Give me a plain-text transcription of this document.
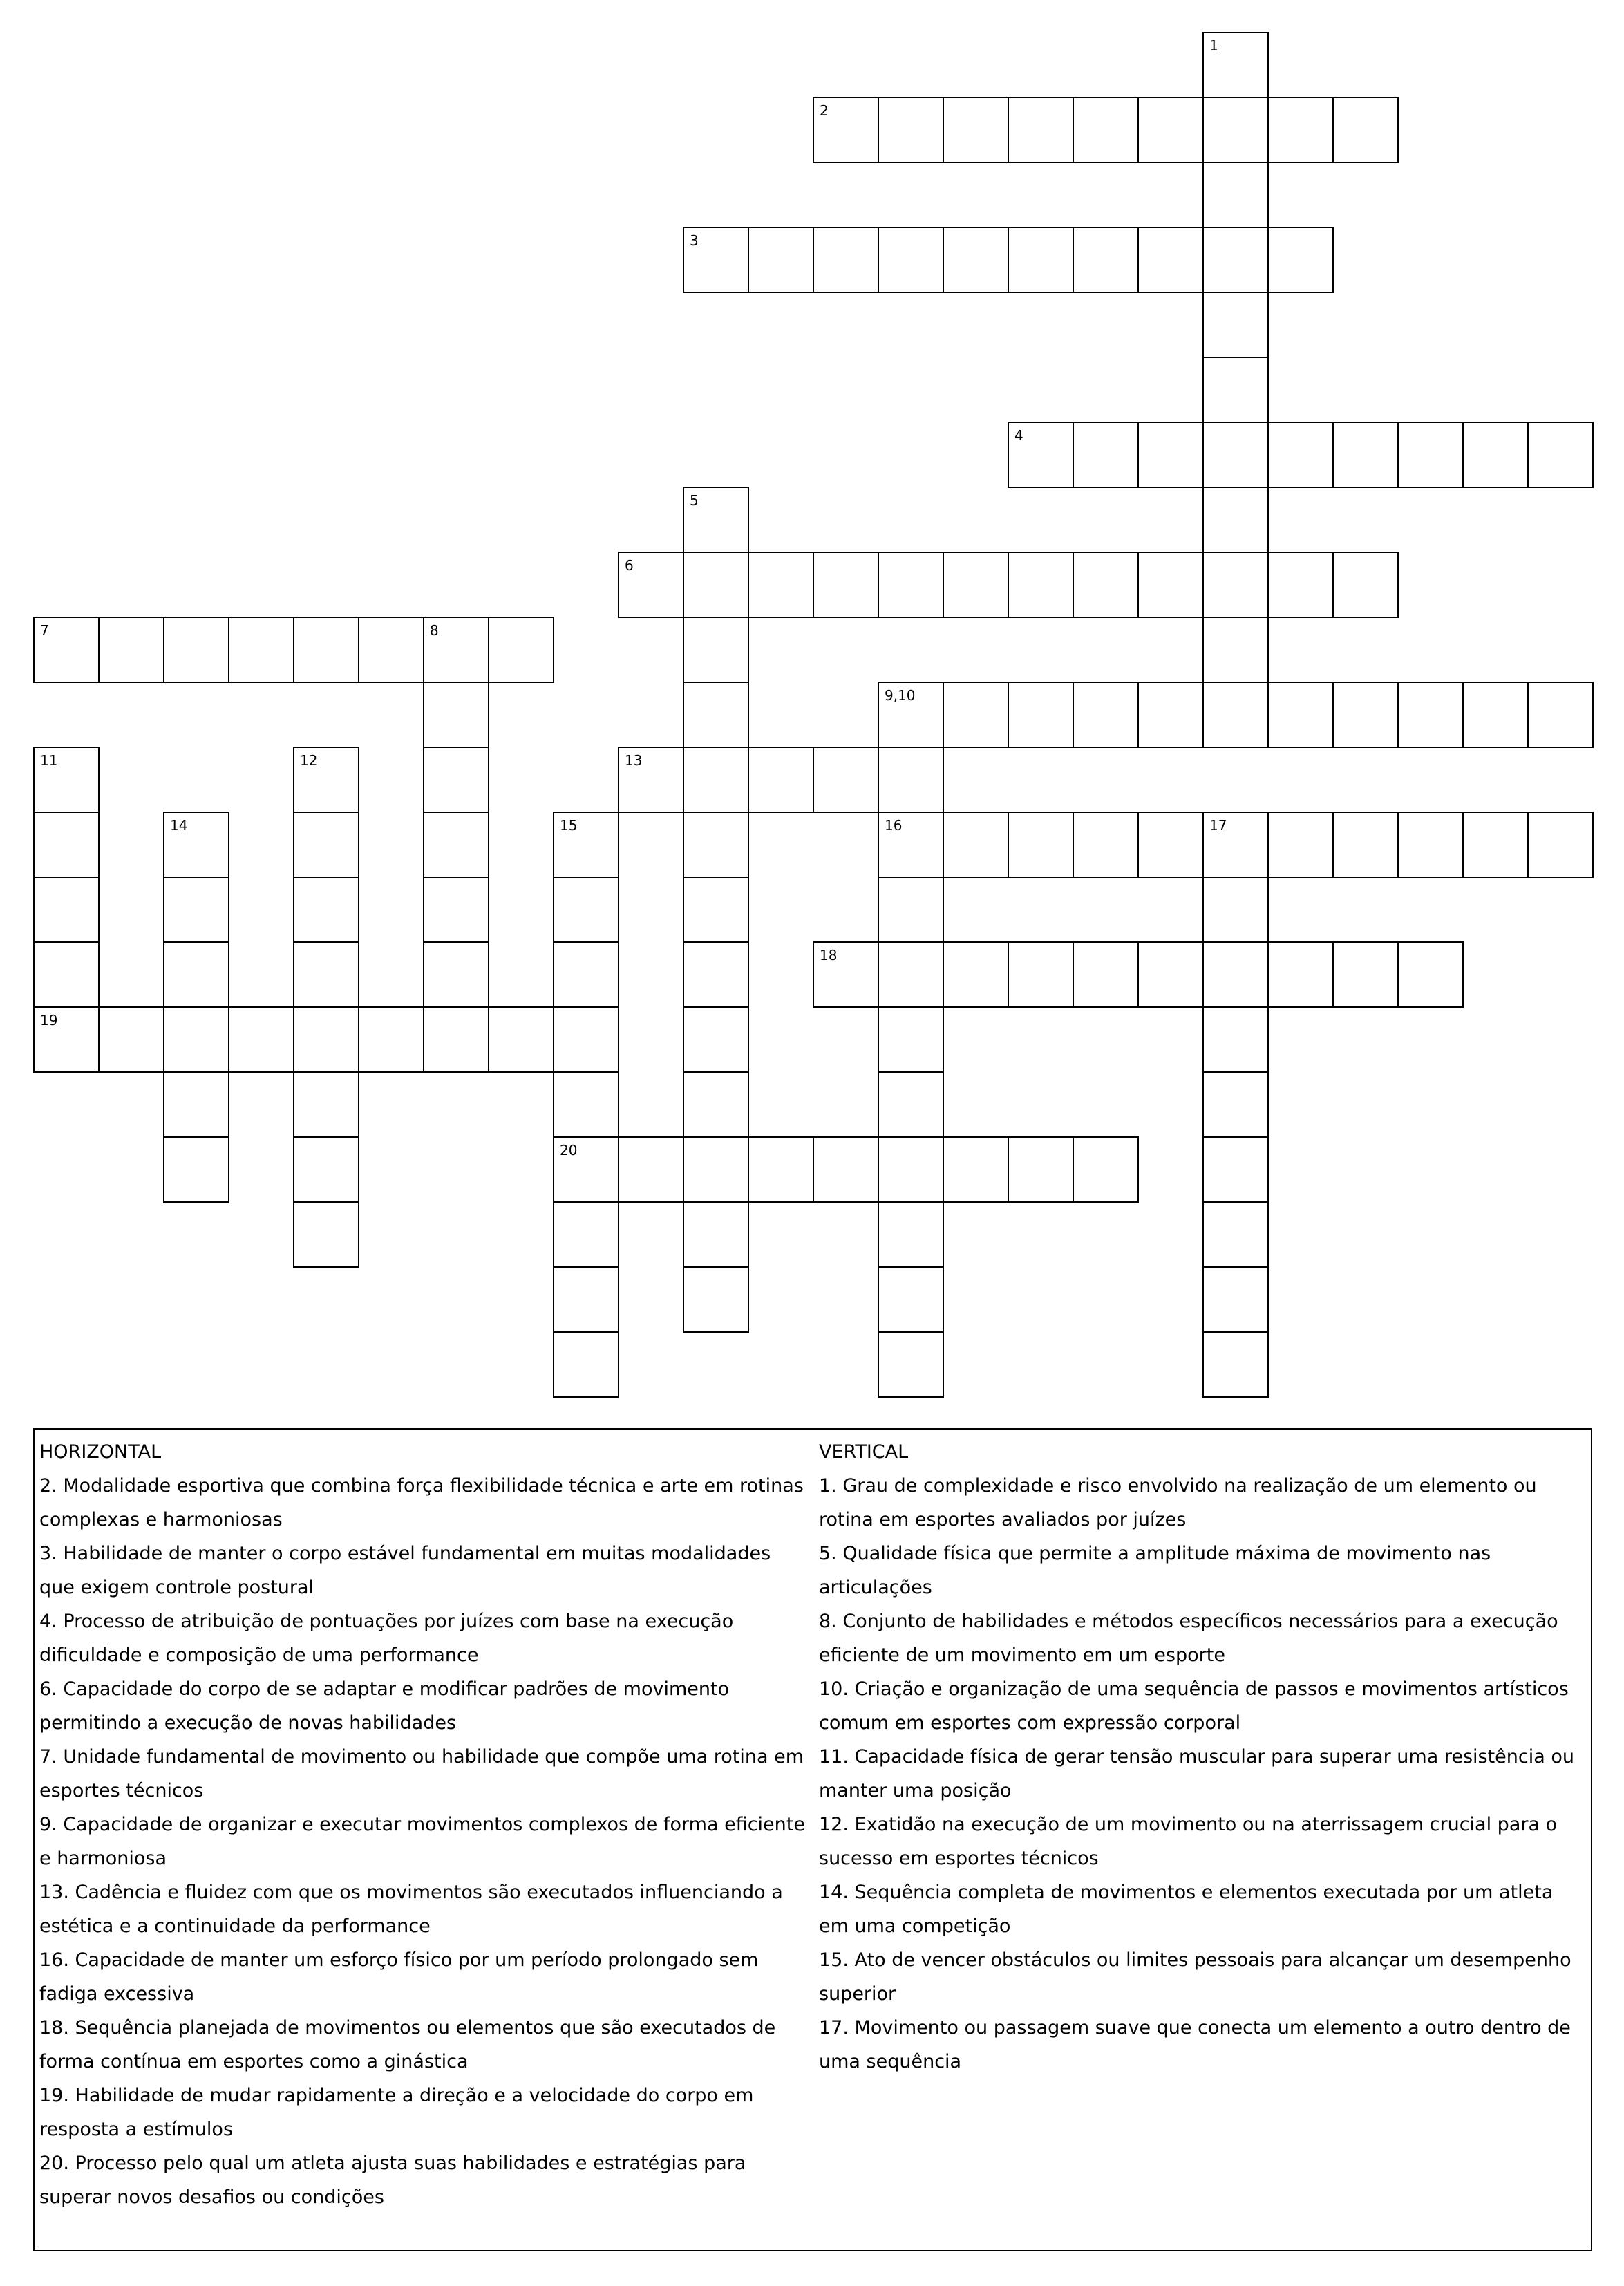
1
2
3
4
5
6
7	8
9,10
16
11
19
12	13
14	15
20
17
18
HORIZONTAL
2. Modalidade esportiva que combina força flexibilidade técnica e arte em rotinas complexas e harmoniosas
3. Habilidade de manter o corpo estável fundamental em muitas modalidades que exigem controle postural
4. Processo de atribuição de pontuações por juízes com base na execução dificuldade e composição de uma performance
6. Capacidade do corpo de se adaptar e modificar padrões de movimento permitindo a execução de novas habilidades
7. Unidade fundamental de movimento ou habilidade que compõe uma rotina em esportes técnicos
9. Capacidade de organizar e executar movimentos complexos de forma eficiente e harmoniosa
13. Cadência e fluidez com que os movimentos são executados influenciando a estética e a continuidade da performance
16. Capacidade de manter um esforço físico por um período prolongado sem fadiga excessiva
18. Sequência planejada de movimentos ou elementos que são executados de forma contínua em esportes como a ginástica
19. Habilidade de mudar rapidamente a direção e a velocidade do corpo em resposta a estímulos
20. Processo pelo qual um atleta ajusta suas habilidades e estratégias para superar novos desafios ou condições
VERTICAL
1. Grau de complexidade e risco envolvido na realização de um elemento ou rotina em esportes avaliados por juízes
5. Qualidade física que permite a amplitude máxima de movimento nas articulações
8. Conjunto de habilidades e métodos específicos necessários para a execução eficiente de um movimento em um esporte
10. Criação e organização de uma sequência de passos e movimentos artísticos comum em esportes com expressão corporal
11. Capacidade física de gerar tensão muscular para superar uma resistência ou manter uma posição
12. Exatidão na execução de um movimento ou na aterrissagem crucial para o sucesso em esportes técnicos
14. Sequência completa de movimentos e elementos executada por um atleta em uma competição
15. Ato de vencer obstáculos ou limites pessoais para alcançar um desempenho superior
17. Movimento ou passagem suave que conecta um elemento a outro dentro de uma sequência
